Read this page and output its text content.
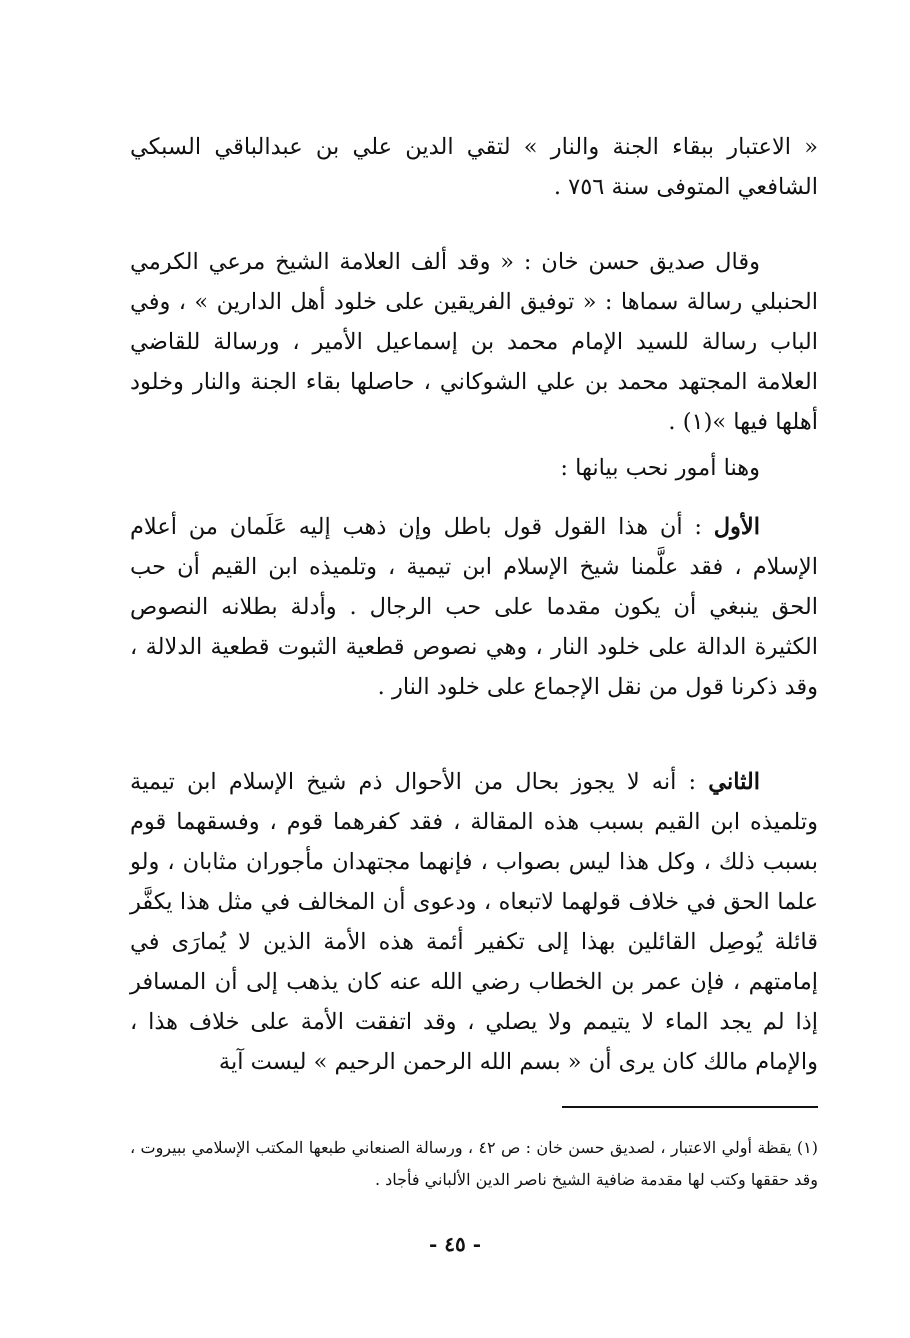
« الاعتبار ببقاء الجنة والنار » لتقي الدين علي بن عبدالباقي السبكي الشافعي المتوفى سنة ٧٥٦ .

وقال صديق حسن خان : « وقد ألف العلامة الشيخ مرعي الكرمي الحنبلي رسالة سماها : « توفيق الفريقين على خلود أهل الدارين » ، وفي الباب رسالة للسيد الإمام محمد بن إسماعيل الأمير ، ورسالة للقاضي العلامة المجتهد محمد بن علي الشوكاني ، حاصلها بقاء الجنة والنار وخلود أهلها فيها »(١) .

وهنا أمور نحب بيانها :

الأول : أن هذا القول قول باطل وإن ذهب إليه عَلَمان من أعلام الإسلام ، فقد علَّمنا شيخ الإسلام ابن تيمية ، وتلميذه ابن القيم أن حب الحق ينبغي أن يكون مقدما على حب الرجال . وأدلة بطلانه النصوص الكثيرة الدالة على خلود النار ، وهي نصوص قطعية الثبوت قطعية الدلالة ، وقد ذكرنا قول من نقل الإجماع على خلود النار .

الثاني : أنه لا يجوز بحال من الأحوال ذم شيخ الإسلام ابن تيمية وتلميذه ابن القيم بسبب هذه المقالة ، فقد كفرهما قوم ، وفسقهما قوم بسبب ذلك ، وكل هذا ليس بصواب ، فإنهما مجتهدان مأجوران مثابان ، ولو علما الحق في خلاف قولهما لاتبعاه ، ودعوى أن المخالف في مثل هذا يكفَّر قائلة يُوصِل القائلين بهذا إلى تكفير أئمة هذه الأمة الذين لا يُمارَى في إمامتهم ، فإن عمر بن الخطاب رضي الله عنه كان يذهب إلى أن المسافر إذا لم يجد الماء لا يتيمم ولا يصلي ، وقد اتفقت الأمة على خلاف هذا ، والإمام مالك كان يرى أن « بسم الله الرحمن الرحيم » ليست آية

(١) يقظة أولي الاعتبار ، لصديق حسن خان : ص ٤٢ ، ورسالة الصنعاني طبعها المكتب الإسلامي ببيروت ، وقد حققها وكتب لها مقدمة ضافية الشيخ ناصر الدين الألباني فأجاد .

- ٤٥ -
